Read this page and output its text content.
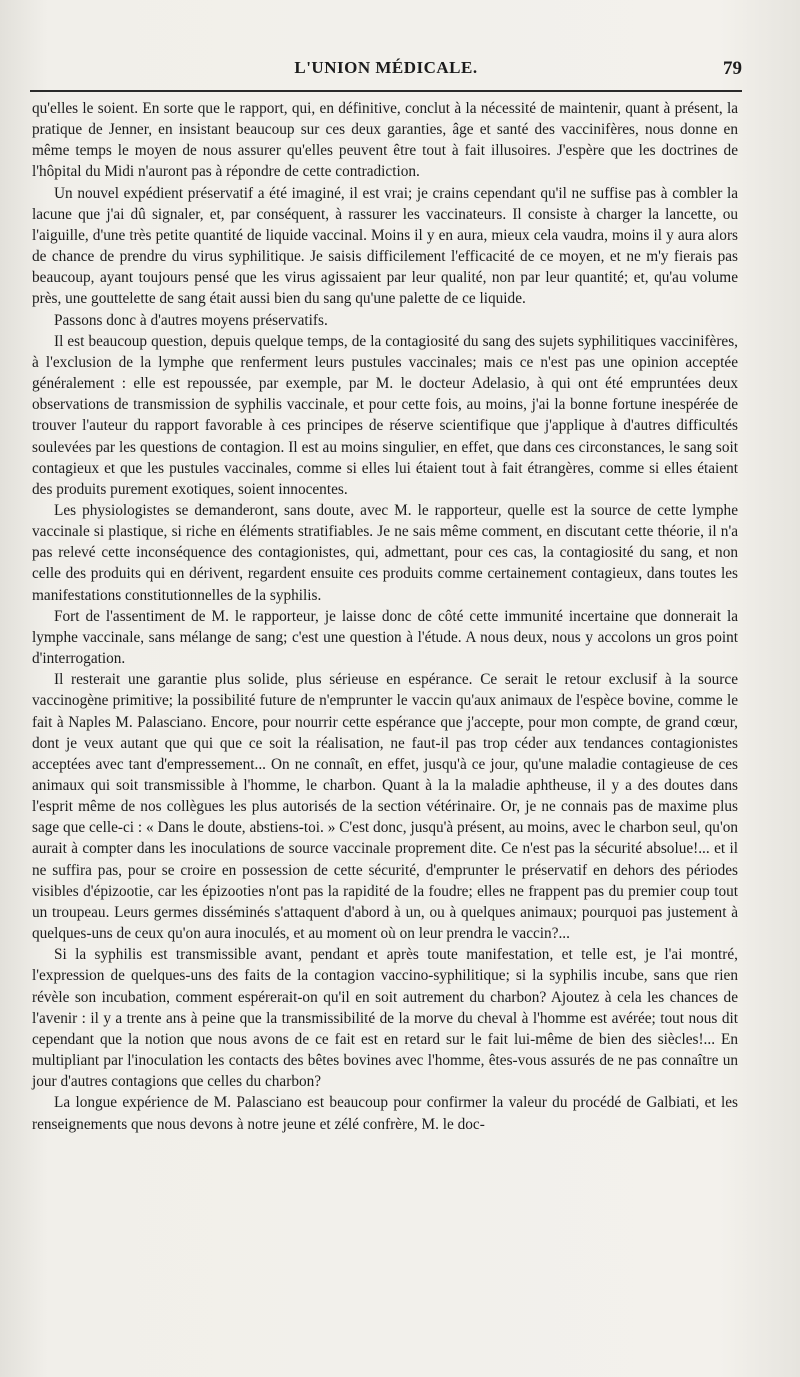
L'UNION MÉDICALE.	79

qu'elles le soient. En sorte que le rapport, qui, en définitive, conclut à la nécessité de maintenir, quant à présent, la pratique de Jenner, en insistant beaucoup sur ces deux garanties, âge et santé des vaccinifères, nous donne en même temps le moyen de nous assurer qu'elles peuvent être tout à fait illusoires. J'espère que les doctrines de l'hôpital du Midi n'auront pas à répondre de cette contradiction.

Un nouvel expédient préservatif a été imaginé, il est vrai; je crains cependant qu'il ne suffise pas à combler la lacune que j'ai dû signaler, et, par conséquent, à rassurer les vaccinateurs. Il consiste à charger la lancette, ou l'aiguille, d'une très petite quantité de liquide vaccinal. Moins il y en aura, mieux cela vaudra, moins il y aura alors de chance de prendre du virus syphilitique. Je saisis difficilement l'efficacité de ce moyen, et ne m'y fierais pas beaucoup, ayant toujours pensé que les virus agissaient par leur qualité, non par leur quantité; et, qu'au volume près, une gouttelette de sang était aussi bien du sang qu'une palette de ce liquide.

Passons donc à d'autres moyens préservatifs.

Il est beaucoup question, depuis quelque temps, de la contagiosité du sang des sujets syphilitiques vaccinifères, à l'exclusion de la lymphe que renferment leurs pustules vaccinales; mais ce n'est pas une opinion acceptée généralement : elle est repoussée, par exemple, par M. le docteur Adelasio, à qui ont été empruntées deux observations de transmission de syphilis vaccinale, et pour cette fois, au moins, j'ai la bonne fortune inespérée de trouver l'auteur du rapport favorable à ces principes de réserve scientifique que j'applique à d'autres difficultés soulevées par les questions de contagion. Il est au moins singulier, en effet, que dans ces circonstances, le sang soit contagieux et que les pustules vaccinales, comme si elles lui étaient tout à fait étrangères, comme si elles étaient des produits purement exotiques, soient innocentes.

Les physiologistes se demanderont, sans doute, avec M. le rapporteur, quelle est la source de cette lymphe vaccinale si plastique, si riche en éléments stratifiables. Je ne sais même comment, en discutant cette théorie, il n'a pas relevé cette inconséquence des contagionistes, qui, admettant, pour ces cas, la contagiosité du sang, et non celle des produits qui en dérivent, regardent ensuite ces produits comme certainement contagieux, dans toutes les manifestations constitutionnelles de la syphilis.

Fort de l'assentiment de M. le rapporteur, je laisse donc de côté cette immunité incertaine que donnerait la lymphe vaccinale, sans mélange de sang; c'est une question à l'étude. A nous deux, nous y accolons un gros point d'interrogation.

Il resterait une garantie plus solide, plus sérieuse en espérance. Ce serait le retour exclusif à la source vaccinogène primitive; la possibilité future de n'emprunter le vaccin qu'aux animaux de l'espèce bovine, comme le fait à Naples M. Palasciano. Encore, pour nourrir cette espérance que j'accepte, pour mon compte, de grand cœur, dont je veux autant que qui que ce soit la réalisation, ne faut-il pas trop céder aux tendances contagionistes acceptées avec tant d'empressement... On ne connaît, en effet, jusqu'à ce jour, qu'une maladie contagieuse de ces animaux qui soit transmissible à l'homme, le charbon. Quant à la la maladie aphtheuse, il y a des doutes dans l'esprit même de nos collègues les plus autorisés de la section vétérinaire. Or, je ne connais pas de maxime plus sage que celle-ci : « Dans le doute, abstiens-toi. » C'est donc, jusqu'à présent, au moins, avec le charbon seul, qu'on aurait à compter dans les inoculations de source vaccinale proprement dite. Ce n'est pas la sécurité absolue!... et il ne suffira pas, pour se croire en possession de cette sécurité, d'emprunter le préservatif en dehors des périodes visibles d'épizootie, car les épizooties n'ont pas la rapidité de la foudre; elles ne frappent pas du premier coup tout un troupeau. Leurs germes disséminés s'attaquent d'abord à un, ou à quelques animaux; pourquoi pas justement à quelques-uns de ceux qu'on aura inoculés, et au moment où on leur prendra le vaccin?...

Si la syphilis est transmissible avant, pendant et après toute manifestation, et telle est, je l'ai montré, l'expression de quelques-uns des faits de la contagion vaccino-syphilitique; si la syphilis incube, sans que rien révèle son incubation, comment espérerait-on qu'il en soit autrement du charbon? Ajoutez à cela les chances de l'avenir : il y a trente ans à peine que la transmissibilité de la morve du cheval à l'homme est avérée; tout nous dit cependant que la notion que nous avons de ce fait est en retard sur le fait lui-même de bien des siècles!... En multipliant par l'inoculation les contacts des bêtes bovines avec l'homme, êtes-vous assurés de ne pas connaître un jour d'autres contagions que celles du charbon?

La longue expérience de M. Palasciano est beaucoup pour confirmer la valeur du procédé de Galbiati, et les renseignements que nous devons à notre jeune et zélé confrère, M. le doc-
